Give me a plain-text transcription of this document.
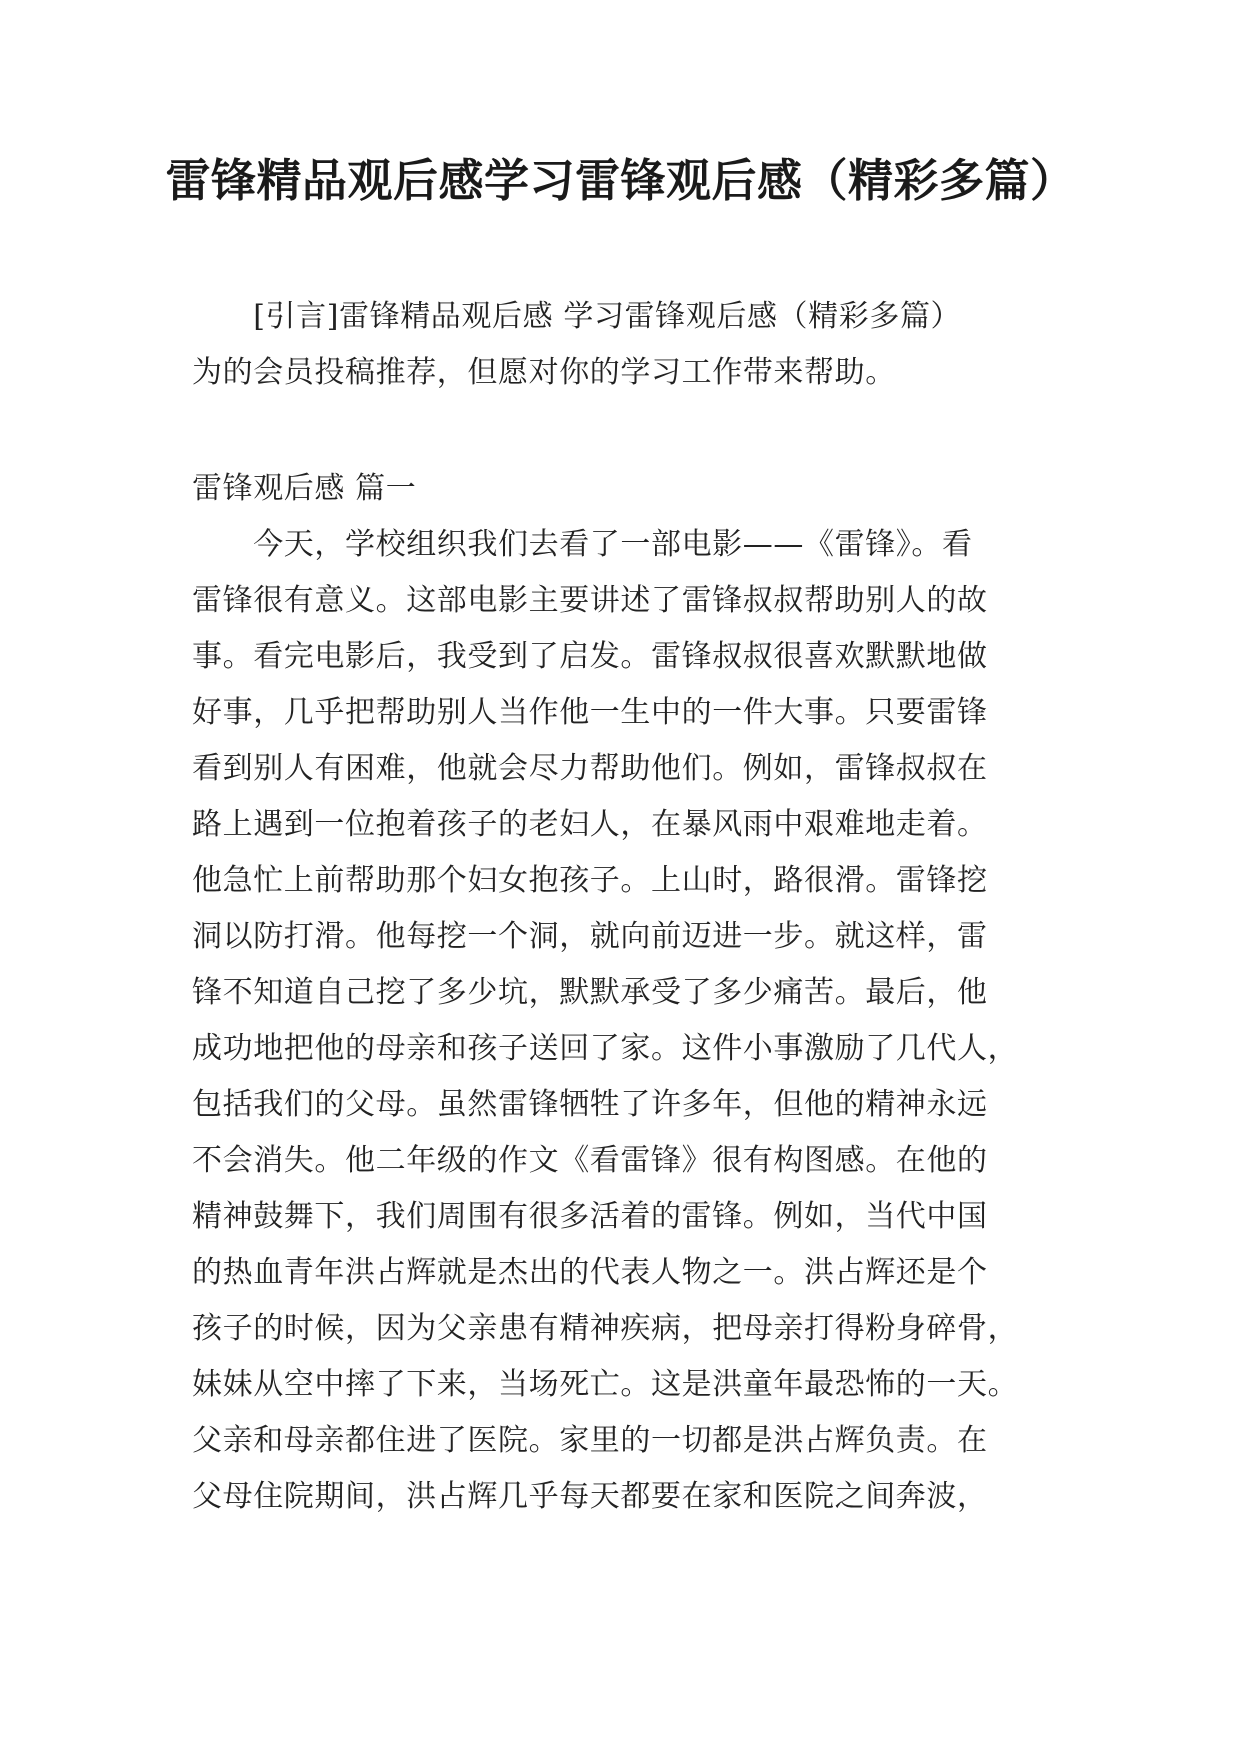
雷锋精品观后感学习雷锋观后感（精彩多篇）

　　[引言]雷锋精品观后感 学习雷锋观后感（精彩多篇）

为的会员投稿推荐，但愿对你的学习工作带来帮助。

雷锋观后感 篇一

　　今天，学校组织我们去看了一部电影——《雷锋》。看

雷锋很有意义。这部电影主要讲述了雷锋叔叔帮助别人的故

事。看完电影后，我受到了启发。雷锋叔叔很喜欢默默地做

好事，几乎把帮助别人当作他一生中的一件大事。只要雷锋

看到别人有困难，他就会尽力帮助他们。例如，雷锋叔叔在

路上遇到一位抱着孩子的老妇人，在暴风雨中艰难地走着。

他急忙上前帮助那个妇女抱孩子。上山时，路很滑。雷锋挖

洞以防打滑。他每挖一个洞，就向前迈进一步。就这样，雷

锋不知道自己挖了多少坑，默默承受了多少痛苦。最后，他

成功地把他的母亲和孩子送回了家。这件小事激励了几代人，

包括我们的父母。虽然雷锋牺牲了许多年，但他的精神永远

不会消失。他二年级的作文《看雷锋》很有构图感。在他的

精神鼓舞下，我们周围有很多活着的雷锋。例如，当代中国

的热血青年洪占辉就是杰出的代表人物之一。洪占辉还是个

孩子的时候，因为父亲患有精神疾病，把母亲打得粉身碎骨，

妹妹从空中摔了下来，当场死亡。这是洪童年最恐怖的一天。

父亲和母亲都住进了医院。家里的一切都是洪占辉负责。在

父母住院期间，洪占辉几乎每天都要在家和医院之间奔波，
